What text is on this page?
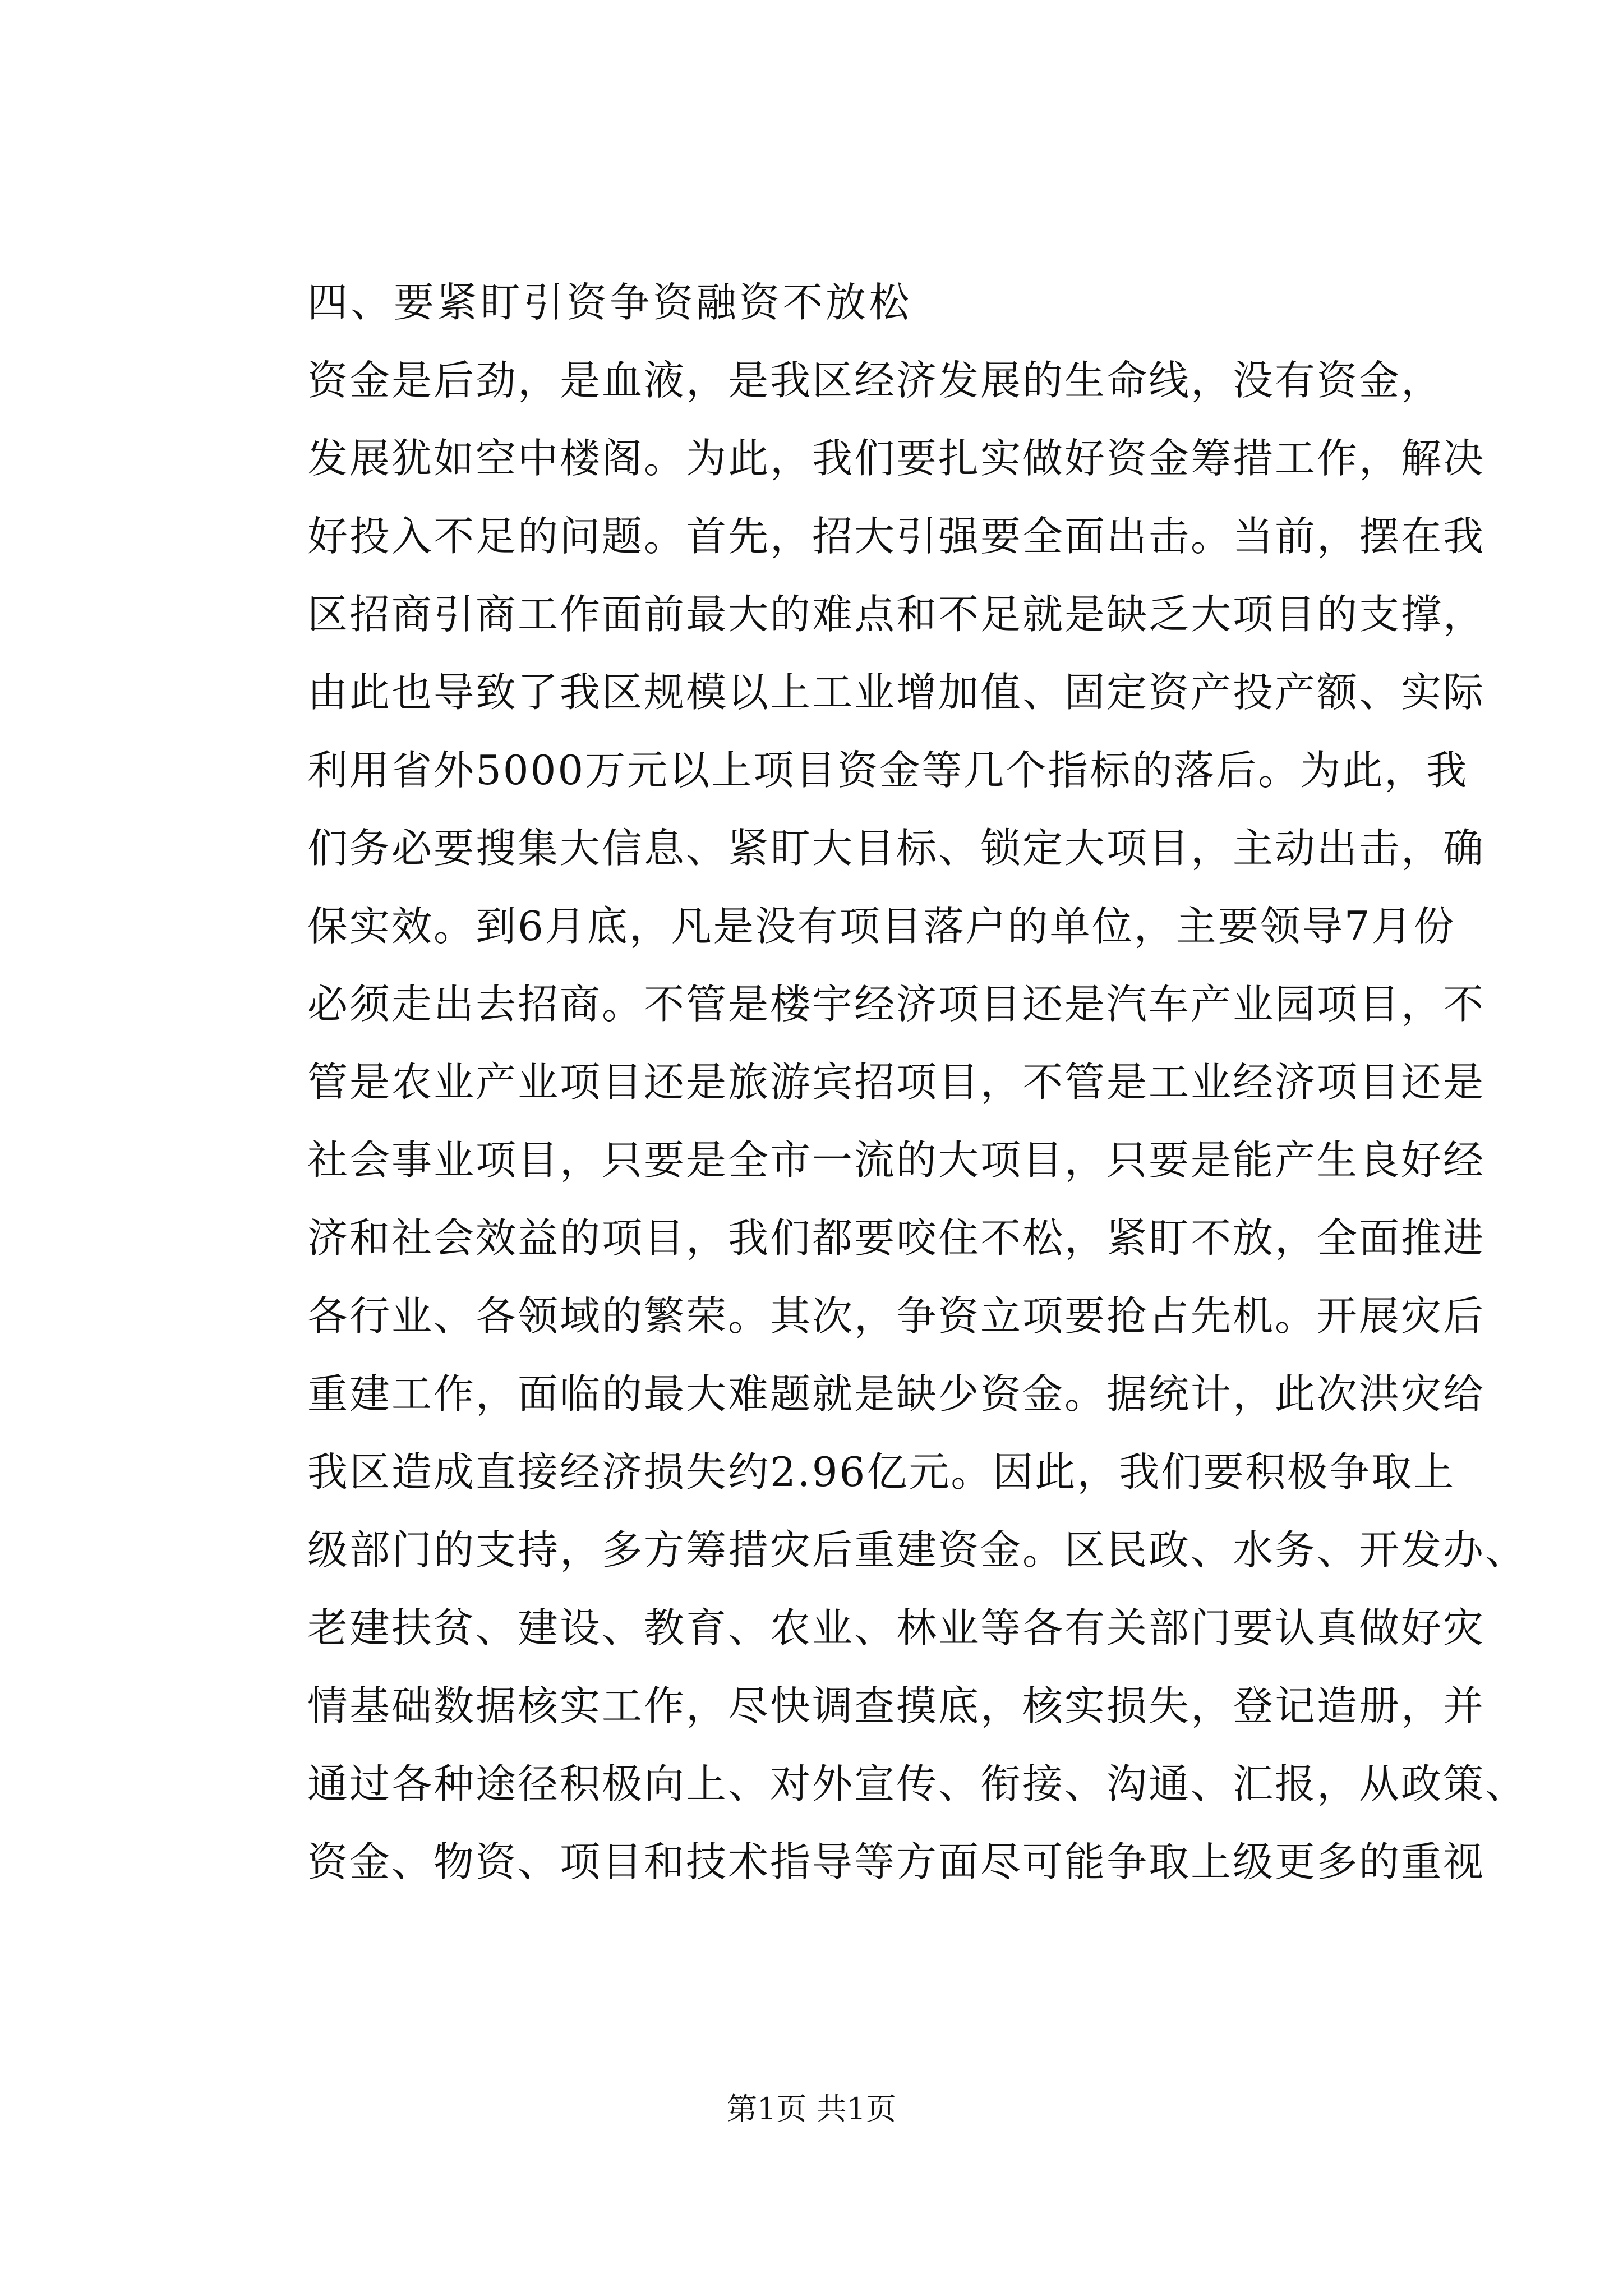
四、要紧盯引资争资融资不放松

资金是后劲，是血液，是我区经济发展的生命线，没有资金，

发展犹如空中楼阁。为此，我们要扎实做好资金筹措工作，解决

好投入不足的问题。首先，招大引强要全面出击。当前，摆在我

区招商引商工作面前最大的难点和不足就是缺乏大项目的支撑，

由此也导致了我区规模以上工业增加值、固定资产投产额、实际

利用省外5000万元以上项目资金等几个指标的落后。为此，我

们务必要搜集大信息、紧盯大目标、锁定大项目，主动出击，确

保实效。到6月底，凡是没有项目落户的单位，主要领导7月份

必须走出去招商。不管是楼宇经济项目还是汽车产业园项目，不

管是农业产业项目还是旅游宾招项目，不管是工业经济项目还是

社会事业项目，只要是全市一流的大项目，只要是能产生良好经

济和社会效益的项目，我们都要咬住不松，紧盯不放，全面推进

各行业、各领域的繁荣。其次，争资立项要抢占先机。开展灾后

重建工作，面临的最大难题就是缺少资金。据统计，此次洪灾给

我区造成直接经济损失约2.96亿元。因此，我们要积极争取上

级部门的支持，多方筹措灾后重建资金。区民政、水务、开发办、

老建扶贫、建设、教育、农业、林业等各有关部门要认真做好灾

情基础数据核实工作，尽快调查摸底，核实损失，登记造册，并

通过各种途径积极向上、对外宣传、衔接、沟通、汇报，从政策、

资金、物资、项目和技术指导等方面尽可能争取上级更多的重视

第1页 共1页
